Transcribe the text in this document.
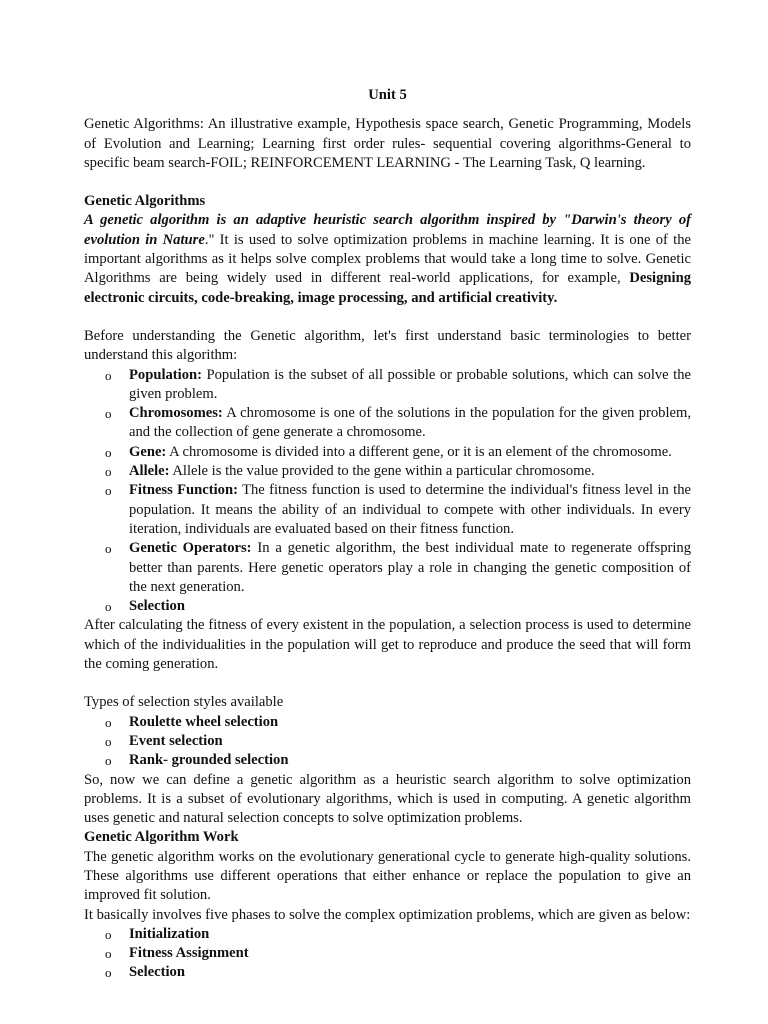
Unit 5

Genetic Algorithms: An illustrative example, Hypothesis space search, Genetic Programming, Models of Evolution and Learning; Learning first order rules- sequential covering algorithms-General to specific beam search-FOIL; REINFORCEMENT LEARNING - The Learning Task, Q learning.

Genetic Algorithms

A genetic algorithm is an adaptive heuristic search algorithm inspired by "Darwin's theory of evolution in Nature." It is used to solve optimization problems in machine learning. It is one of the important algorithms as it helps solve complex problems that would take a long time to solve. Genetic Algorithms are being widely used in different real-world applications, for example, Designing electronic circuits, code-breaking, image processing, and artificial creativity.

Before understanding the Genetic algorithm, let's first understand basic terminologies to better understand this algorithm:

o Population: Population is the subset of all possible or probable solutions, which can solve the given problem.
o Chromosomes: A chromosome is one of the solutions in the population for the given problem, and the collection of gene generate a chromosome.
o Gene: A chromosome is divided into a different gene, or it is an element of the chromosome.
o Allele: Allele is the value provided to the gene within a particular chromosome.
o Fitness Function: The fitness function is used to determine the individual's fitness level in the population. It means the ability of an individual to compete with other individuals. In every iteration, individuals are evaluated based on their fitness function.
o Genetic Operators: In a genetic algorithm, the best individual mate to regenerate offspring better than parents. Here genetic operators play a role in changing the genetic composition of the next generation.
o Selection

After calculating the fitness of every existent in the population, a selection process is used to determine which of the individualities in the population will get to reproduce and produce the seed that will form the coming generation.

Types of selection styles available

o Roulette wheel selection
o Event selection
o Rank- grounded selection

So, now we can define a genetic algorithm as a heuristic search algorithm to solve optimization problems. It is a subset of evolutionary algorithms, which is used in computing. A genetic algorithm uses genetic and natural selection concepts to solve optimization problems.

Genetic Algorithm Work

The genetic algorithm works on the evolutionary generational cycle to generate high-quality solutions. These algorithms use different operations that either enhance or replace the population to give an improved fit solution.

It basically involves five phases to solve the complex optimization problems, which are given as below:

o Initialization
o Fitness Assignment
o Selection
